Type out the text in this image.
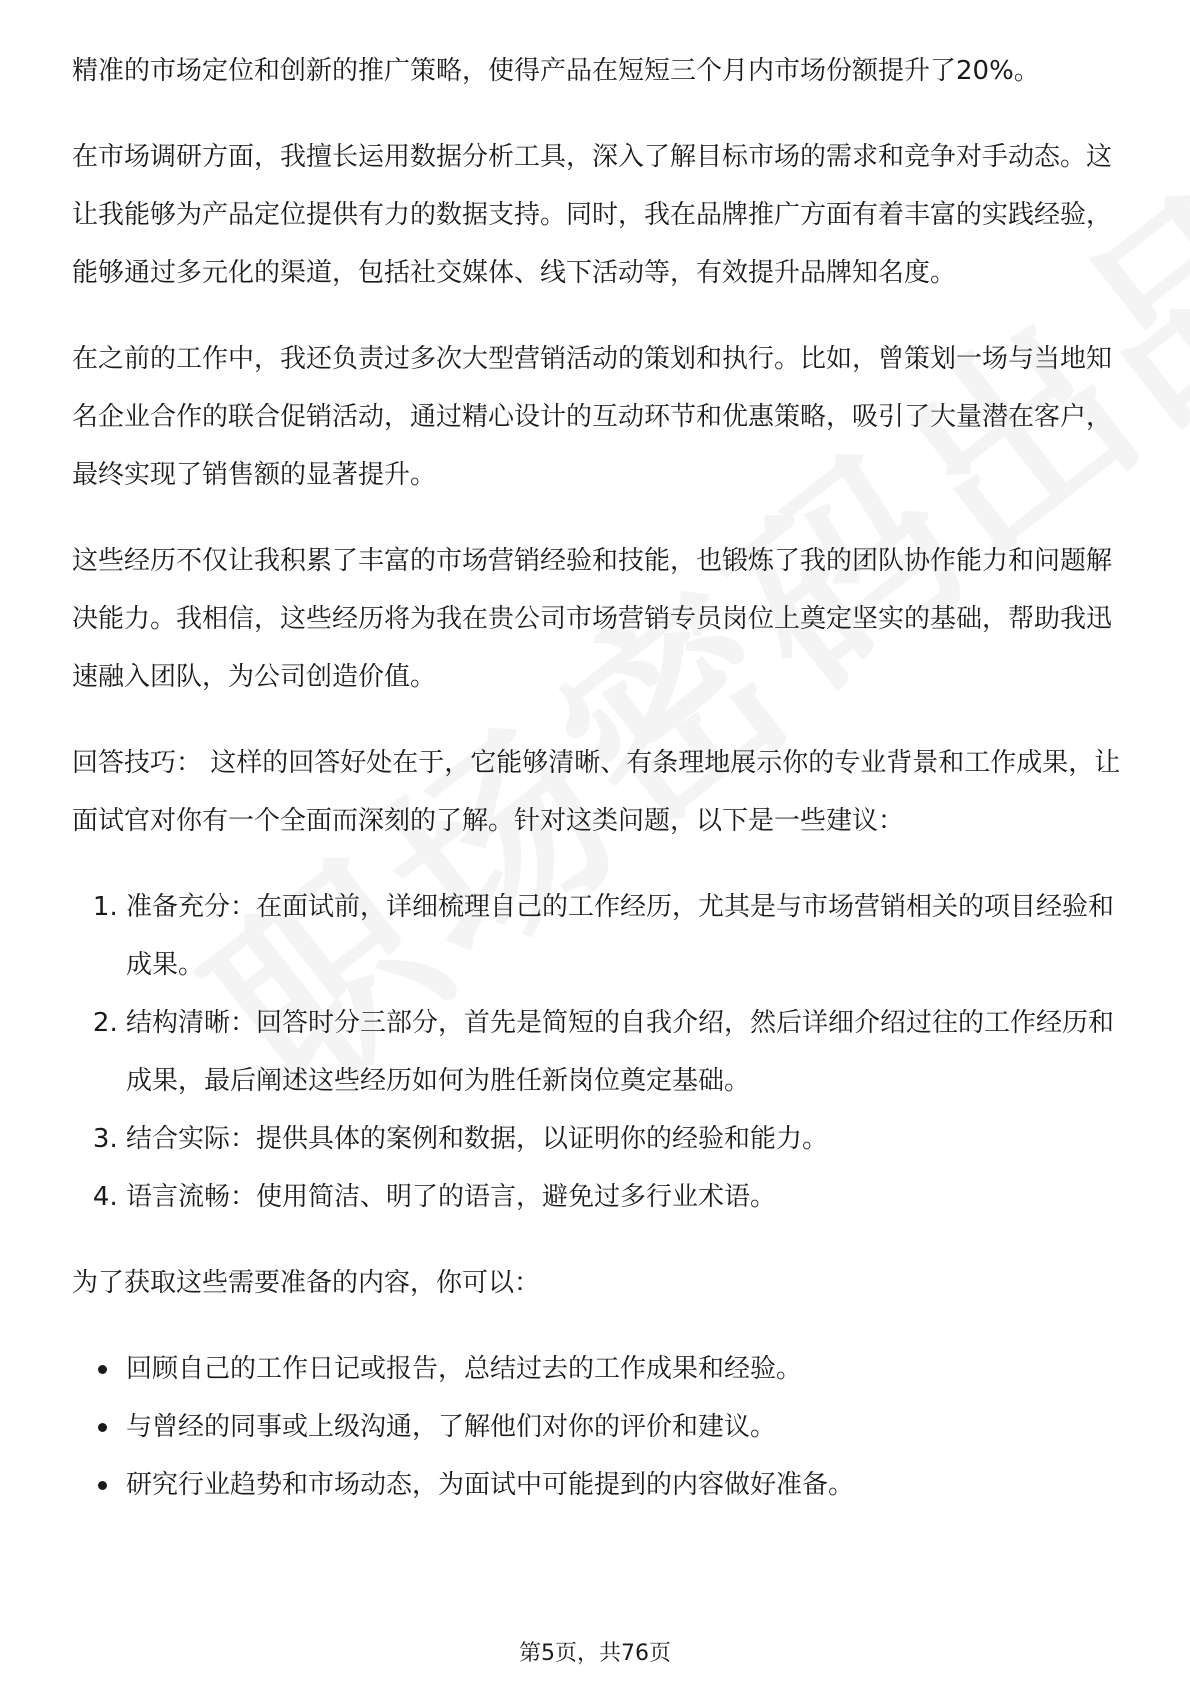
精准的市场定位和创新的推广策略，使得产品在短短三个月内市场份额提升了20%。

在市场调研方面，我擅长运用数据分析工具，深入了解目标市场的需求和竞争对手动态。这让我能够为产品定位提供有力的数据支持。同时，我在品牌推广方面有着丰富的实践经验，能够通过多元化的渠道，包括社交媒体、线下活动等，有效提升品牌知名度。

在之前的工作中，我还负责过多次大型营销活动的策划和执行。比如，曾策划一场与当地知名企业合作的联合促销活动，通过精心设计的互动环节和优惠策略，吸引了大量潜在客户，最终实现了销售额的显著提升。

这些经历不仅让我积累了丰富的市场营销经验和技能，也锻炼了我的团队协作能力和问题解决能力。我相信，这些经历将为我在贵公司市场营销专员岗位上奠定坚实的基础，帮助我迅速融入团队，为公司创造价值。

回答技巧： 这样的回答好处在于，它能够清晰、有条理地展示你的专业背景和工作成果，让面试官对你有一个全面而深刻的了解。针对这类问题，以下是一些建议：

1. 准备充分：在面试前，详细梳理自己的工作经历，尤其是与市场营销相关的项目经验和成果。
2. 结构清晰：回答时分三部分，首先是简短的自我介绍，然后详细介绍过往的工作经历和成果，最后阐述这些经历如何为胜任新岗位奠定基础。
3. 结合实际：提供具体的案例和数据，以证明你的经验和能力。
4. 语言流畅：使用简洁、明了的语言，避免过多行业术语。

为了获取这些需要准备的内容，你可以：

回顾自己的工作日记或报告，总结过去的工作成果和经验。
与曾经的同事或上级沟通，了解他们对你的评价和建议。
研究行业趋势和市场动态，为面试中可能提到的内容做好准备。
第5页，共76页
